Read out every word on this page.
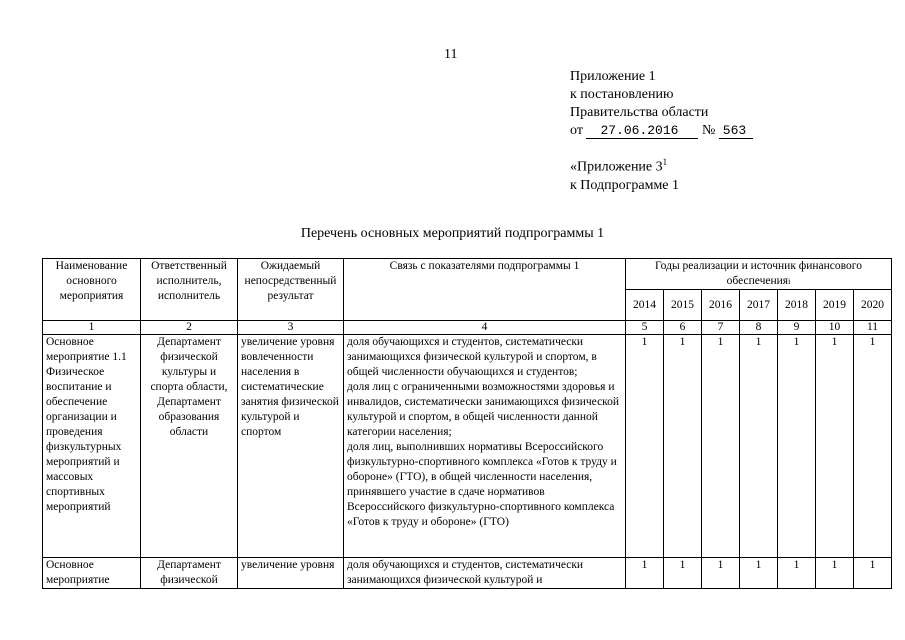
11
Приложение 1
к постановлению
Правительства области
от 27.06.2016 № 563
«Приложение $3^1$
к Подпрограмме 1
Перечень основных мероприятий подпрограммы 1
Наименование основного мероприятия	Ответственный исполнитель, исполнитель	Ожидаемый непосредственный результат	Связь с показателями подпрограммы 1	Годы реализации и источник финансового обеспечения$^i$
				2014	2015	2016	2017	2018	2019	2020
1	2	3	4	5	6	7	8	9	10	11
Основное мероприятие 1.1 Физическое воспитание и обеспечение организации и проведения физкультурных мероприятий и массовых спортивных мероприятий	Департамент физической культуры и спорта области, Департамент образования области	увеличение уровня вовлеченности населения в систематические занятия физической культурой и спортом	доля обучающихся и студентов, систематически занимающихся физической культурой и спортом, в общей численности обучающихся и студентов;
доля лиц с ограниченными возможностями здоровья и инвалидов, систематически занимающихся физической культурой и спортом, в общей численности данной категории населения;
доля лиц, выполнивших нормативы Всероссийского физкультурно-спортивного комплекса «Готов к труду и обороне» (ГТО), в общей численности населения, принявшего участие в сдаче нормативов Всероссийского физкультурно-спортивного комплекса «Готов к труду и обороне» (ГТО)	1	1	1	1	1	1	1
Основное мероприятие	Департамент физической	увеличение уровня	доля обучающихся и студентов, систематически занимающихся физической культурой и	1	1	1	1	1	1	1
